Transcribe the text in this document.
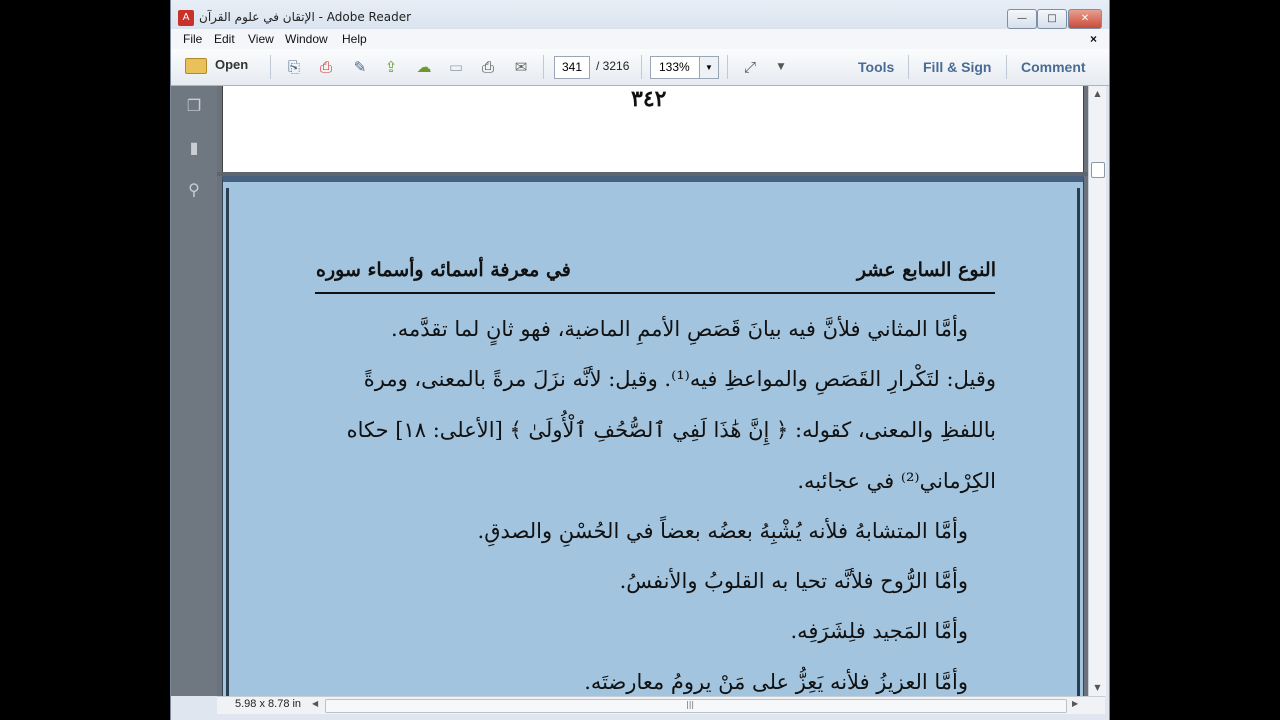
A الإتقان في علوم القرآن - Adobe Reader	—	□	✕
File Edit View Window Help	×
Open	⎘ ⎙ ✎ ⇪ ☁ ▭ ⎙ ✉	341	/ 3216 133%	▼	⤢	▼	Tools Fill & Sign Comment
❐
▮
⚲
٣٤٢
النوع السابع عشر
في معرفة أسمائه وأسماء سوره
وأمَّا المثاني فلأنَّ فيه بيانَ قَصَصِ الأممِ الماضية، فهو ثانٍ لما تقدَّمه.
وقيل: لتَكْرارِ القَصَصِ والمواعظِ فيه⁽¹⁾. وقيل: لأنَّه نزَلَ مرةً بالمعنى، ومرةً
باللفظِ والمعنى، كقوله: ﴿ إِنَّ هَٰذَا لَفِي ٱلصُّحُفِ ٱلْأُولَىٰ ﴾ [الأعلى: ١٨] حكاه
الكِرْماني⁽²⁾ في عجائبه.
وأمَّا المتشابهُ فلأنه يُشْبِهُ بعضُه بعضاً في الحُسْنِ والصدقِ.
وأمَّا الرُّوح فلأنَّه تحيا به القلوبُ والأنفسُ.
وأمَّا المَجيد فلِشَرَفِه.
وأمَّا العزيزُ فلأنه يَعِزُّ على مَنْ يرومُ معارضتَه.
▲
▼
5.98 x 8.78 in ◀	|||	▶
